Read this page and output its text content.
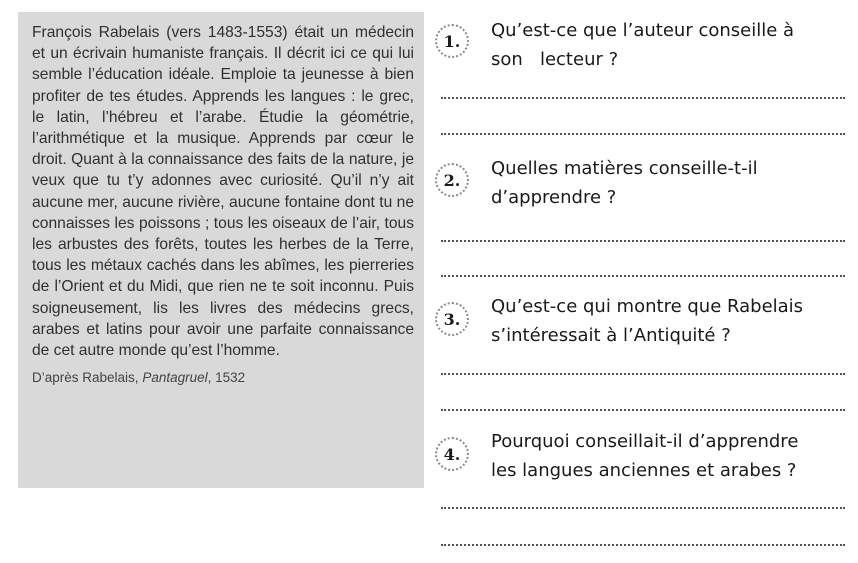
François Rabelais (vers 1483-1553) était un médecin et un écrivain humaniste français. Il décrit ici ce qui lui semble l’éducation idéale. Emploie ta jeunesse à bien profiter de tes études. Apprends les langues : le grec, le latin, l’hébreu et l’arabe. Étudie la géométrie, l’arithmétique et la musique. Apprends par cœur le droit. Quant à la connaissance des faits de la nature, je veux que tu t’y adonnes avec curiosité. Qu’il n’y ait aucune mer, aucune rivière, aucune fontaine dont tu ne connaisses les poissons ; tous les oiseaux de l’air, tous les arbustes des forêts, toutes les herbes de la Terre, tous les métaux cachés dans les abîmes, les pierreries de l’Orient et du Midi, que rien ne te soit inconnu. Puis soigneusement, lis les livres des médecins grecs, arabes et latins pour avoir une parfaite connaissance de cet autre monde qu’est l’homme.

D’après Rabelais, Pantagruel, 1532
1.	Qu’est-ce que l’auteur conseille à
son   lecteur ?
2.
Quelles matières conseille-t-il
d’apprendre ?
3.
Qu’est-ce qui montre que Rabelais
s’intéressait à l’Antiquité ?
4.
Pourquoi conseillait-il d’apprendre
les langues anciennes et arabes ?
